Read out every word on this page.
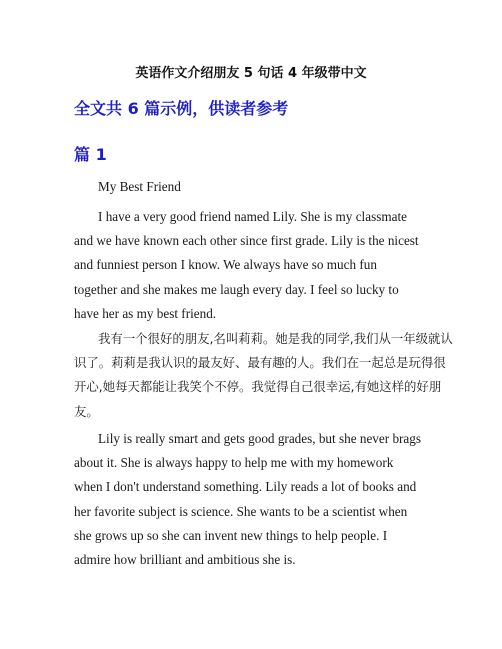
英语作文介绍朋友 5 句话 4 年级带中文
全文共 6 篇示例，供读者参考
篇 1

My Best Friend

I have a very good friend named Lily. She is my classmate
and we have known each other since first grade. Lily is the nicest
and funniest person I know. We always have so much fun
together and she makes me laugh every day. I feel so lucky to
have her as my best friend.
我有一个很好的朋友,名叫莉莉。她是我的同学,我们从一年级就认
识了。莉莉是我认识的最友好、最有趣的人。我们在一起总是玩得很
开心,她每天都能让我笑个不停。我觉得自己很幸运,有她这样的好朋
友。
Lily is really smart and gets good grades, but she never brags
about it. She is always happy to help me with my homework
when I don't understand something. Lily reads a lot of books and
her favorite subject is science. She wants to be a scientist when
she grows up so she can invent new things to help people. I
admire how brilliant and ambitious she is.
